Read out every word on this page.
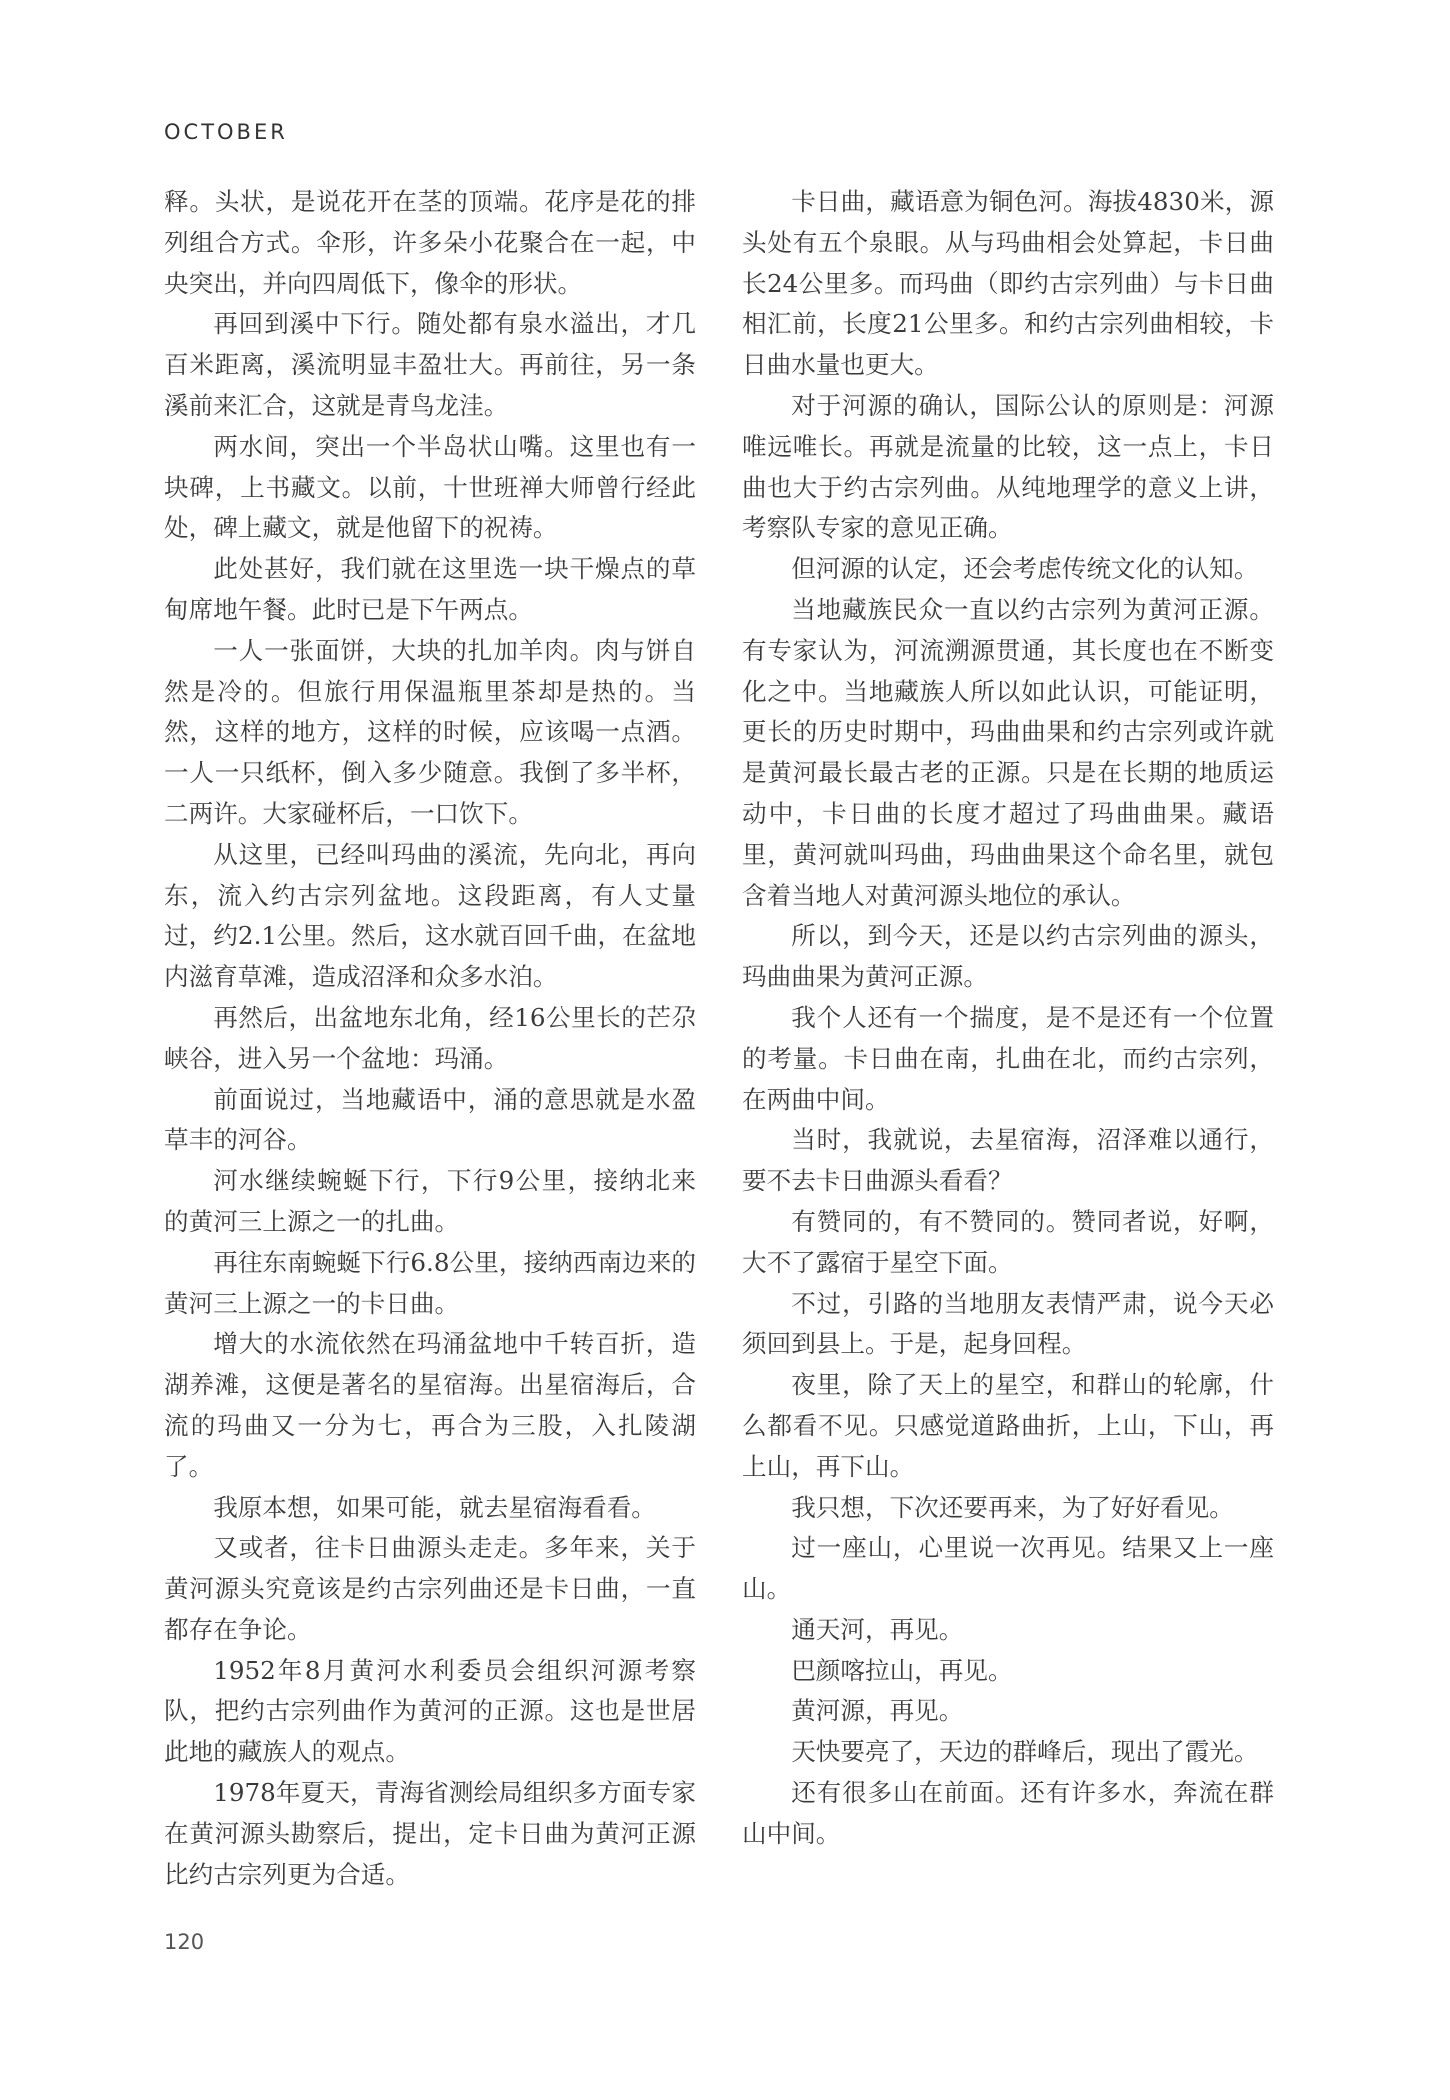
OCTOBER

释。头状，是说花开在茎的顶端。花序是花的排列组合方式。伞形，许多朵小花聚合在一起，中央突出，并向四周低下，像伞的形状。

再回到溪中下行。随处都有泉水溢出，才几百米距离，溪流明显丰盈壮大。再前往，另一条溪前来汇合，这就是青鸟龙洼。

两水间，突出一个半岛状山嘴。这里也有一块碑，上书藏文。以前，十世班禅大师曾行经此处，碑上藏文，就是他留下的祝祷。

此处甚好，我们就在这里选一块干燥点的草甸席地午餐。此时已是下午两点。

一人一张面饼，大块的扎加羊肉。肉与饼自然是冷的。但旅行用保温瓶里茶却是热的。当然，这样的地方，这样的时候，应该喝一点酒。一人一只纸杯，倒入多少随意。我倒了多半杯，二两许。大家碰杯后，一口饮下。

从这里，已经叫玛曲的溪流，先向北，再向东，流入约古宗列盆地。这段距离，有人丈量过，约2.1公里。然后，这水就百回千曲，在盆地内滋育草滩，造成沼泽和众多水泊。

再然后，出盆地东北角，经16公里长的芒尕峡谷，进入另一个盆地：玛涌。

前面说过，当地藏语中，涌的意思就是水盈草丰的河谷。

河水继续蜿蜒下行，下行9公里，接纳北来的黄河三上源之一的扎曲。

再往东南蜿蜒下行6.8公里，接纳西南边来的黄河三上源之一的卡日曲。

增大的水流依然在玛涌盆地中千转百折，造湖养滩，这便是著名的星宿海。出星宿海后，合流的玛曲又一分为七，再合为三股，入扎陵湖了。

我原本想，如果可能，就去星宿海看看。

又或者，往卡日曲源头走走。多年来，关于黄河源头究竟该是约古宗列曲还是卡日曲，一直都存在争论。

1952年8月黄河水利委员会组织河源考察队，把约古宗列曲作为黄河的正源。这也是世居此地的藏族人的观点。

1978年夏天，青海省测绘局组织多方面专家在黄河源头勘察后，提出，定卡日曲为黄河正源比约古宗列更为合适。

卡日曲，藏语意为铜色河。海拔4830米，源头处有五个泉眼。从与玛曲相会处算起，卡日曲长24公里多。而玛曲（即约古宗列曲）与卡日曲相汇前，长度21公里多。和约古宗列曲相较，卡日曲水量也更大。

对于河源的确认，国际公认的原则是：河源唯远唯长。再就是流量的比较，这一点上，卡日曲也大于约古宗列曲。从纯地理学的意义上讲，考察队专家的意见正确。

但河源的认定，还会考虑传统文化的认知。

当地藏族民众一直以约古宗列为黄河正源。有专家认为，河流溯源贯通，其长度也在不断变化之中。当地藏族人所以如此认识，可能证明，更长的历史时期中，玛曲曲果和约古宗列或许就是黄河最长最古老的正源。只是在长期的地质运动中，卡日曲的长度才超过了玛曲曲果。藏语里，黄河就叫玛曲，玛曲曲果这个命名里，就包含着当地人对黄河源头地位的承认。

所以，到今天，还是以约古宗列曲的源头，玛曲曲果为黄河正源。

我个人还有一个揣度，是不是还有一个位置的考量。卡日曲在南，扎曲在北，而约古宗列，在两曲中间。

当时，我就说，去星宿海，沼泽难以通行，要不去卡日曲源头看看？

有赞同的，有不赞同的。赞同者说，好啊，大不了露宿于星空下面。

不过，引路的当地朋友表情严肃，说今天必须回到县上。于是，起身回程。

夜里，除了天上的星空，和群山的轮廓，什么都看不见。只感觉道路曲折，上山，下山，再上山，再下山。

我只想，下次还要再来，为了好好看见。

过一座山，心里说一次再见。结果又上一座山。

通天河，再见。

巴颜喀拉山，再见。

黄河源，再见。

天快要亮了，天边的群峰后，现出了霞光。

还有很多山在前面。还有许多水，奔流在群山中间。

120
